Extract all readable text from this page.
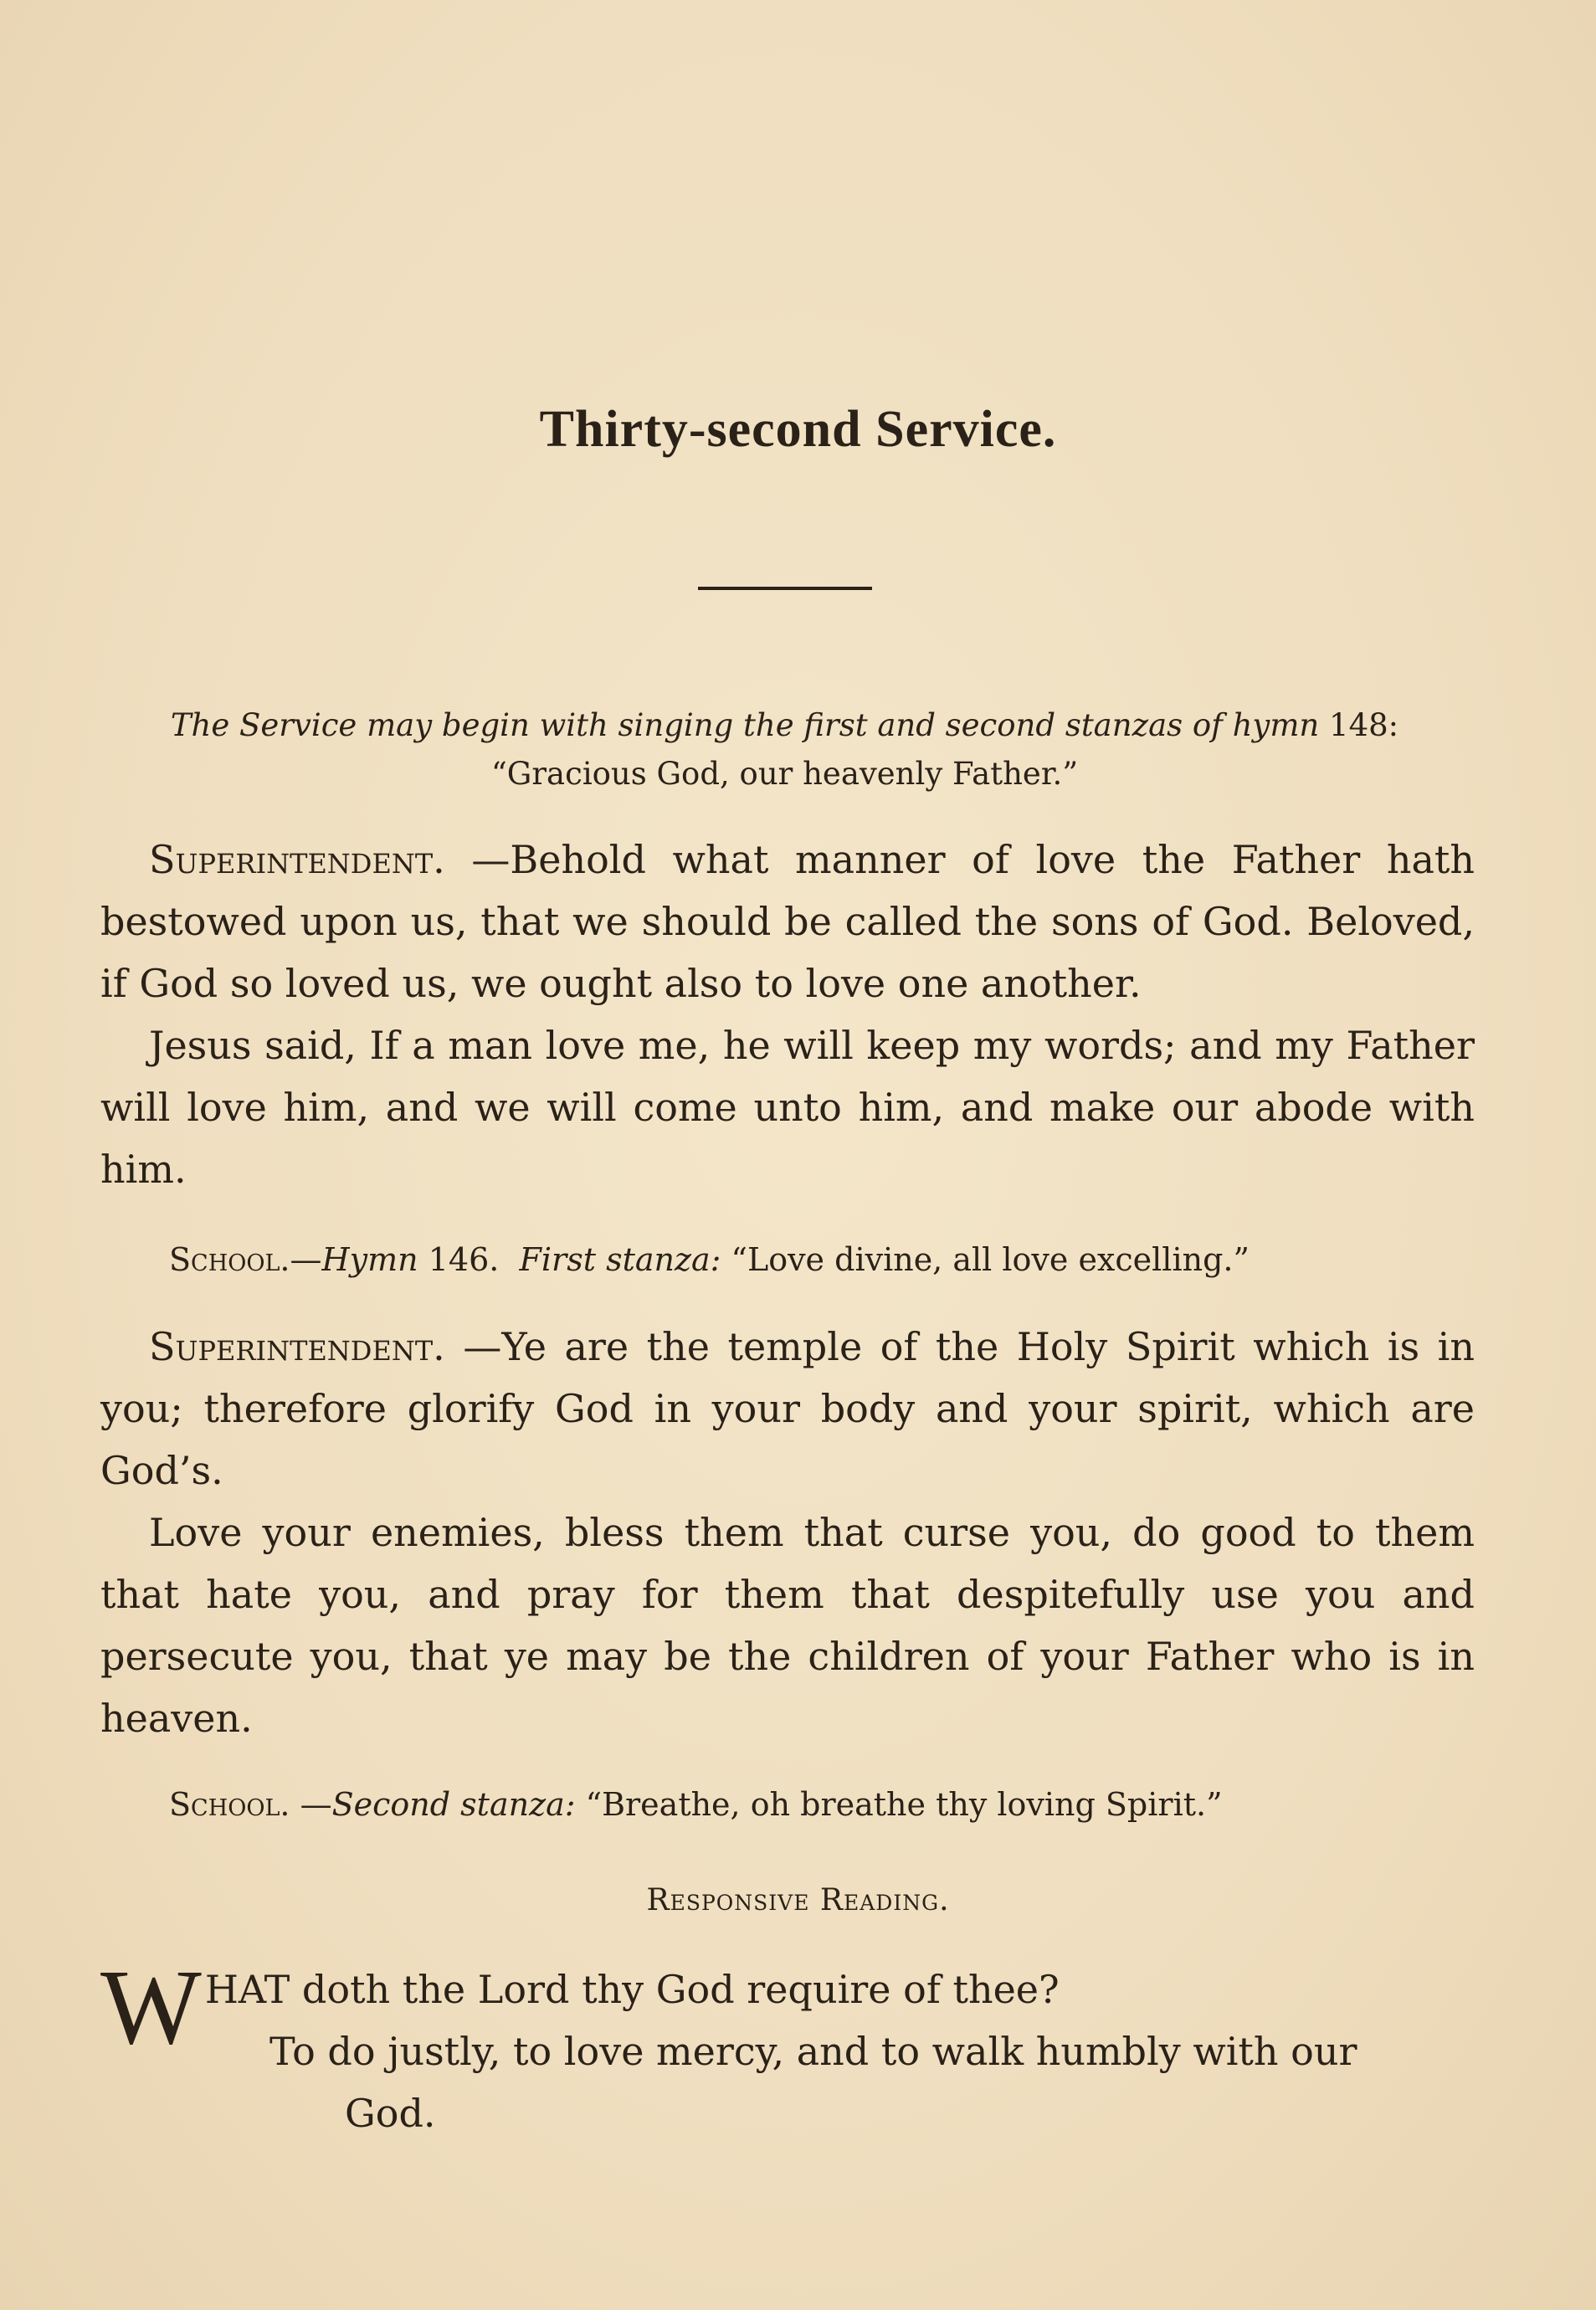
Thirty-second Service.
The Service may begin with singing the first and second stanzas of hymn 148:
“Gracious God, our heavenly Father.”

Superintendent. —Behold what manner of love the Father hath bestowed upon us, that we should be called the sons of God. Beloved, if God so loved us, we ought also to love one another.

Jesus said, If a man love me, he will keep my words; and my Father will love him, and we will come unto him, and make our abode with him.

School.—Hymn 146. First stanza: “Love divine, all love excelling.”

Superintendent. —Ye are the temple of the Holy Spirit which is in you; therefore glorify God in your body and your spirit, which are God’s.

Love your enemies, bless them that curse you, do good to them that hate you, and pray for them that despitefully use you and persecute you, that ye may be the children of your Father who is in heaven.

School. —Second stanza: “Breathe, oh breathe thy loving Spirit.”
Responsive Reading.
WHAT doth the Lord thy God require of thee?
To do justly, to love mercy, and to walk humbly with our
God.
